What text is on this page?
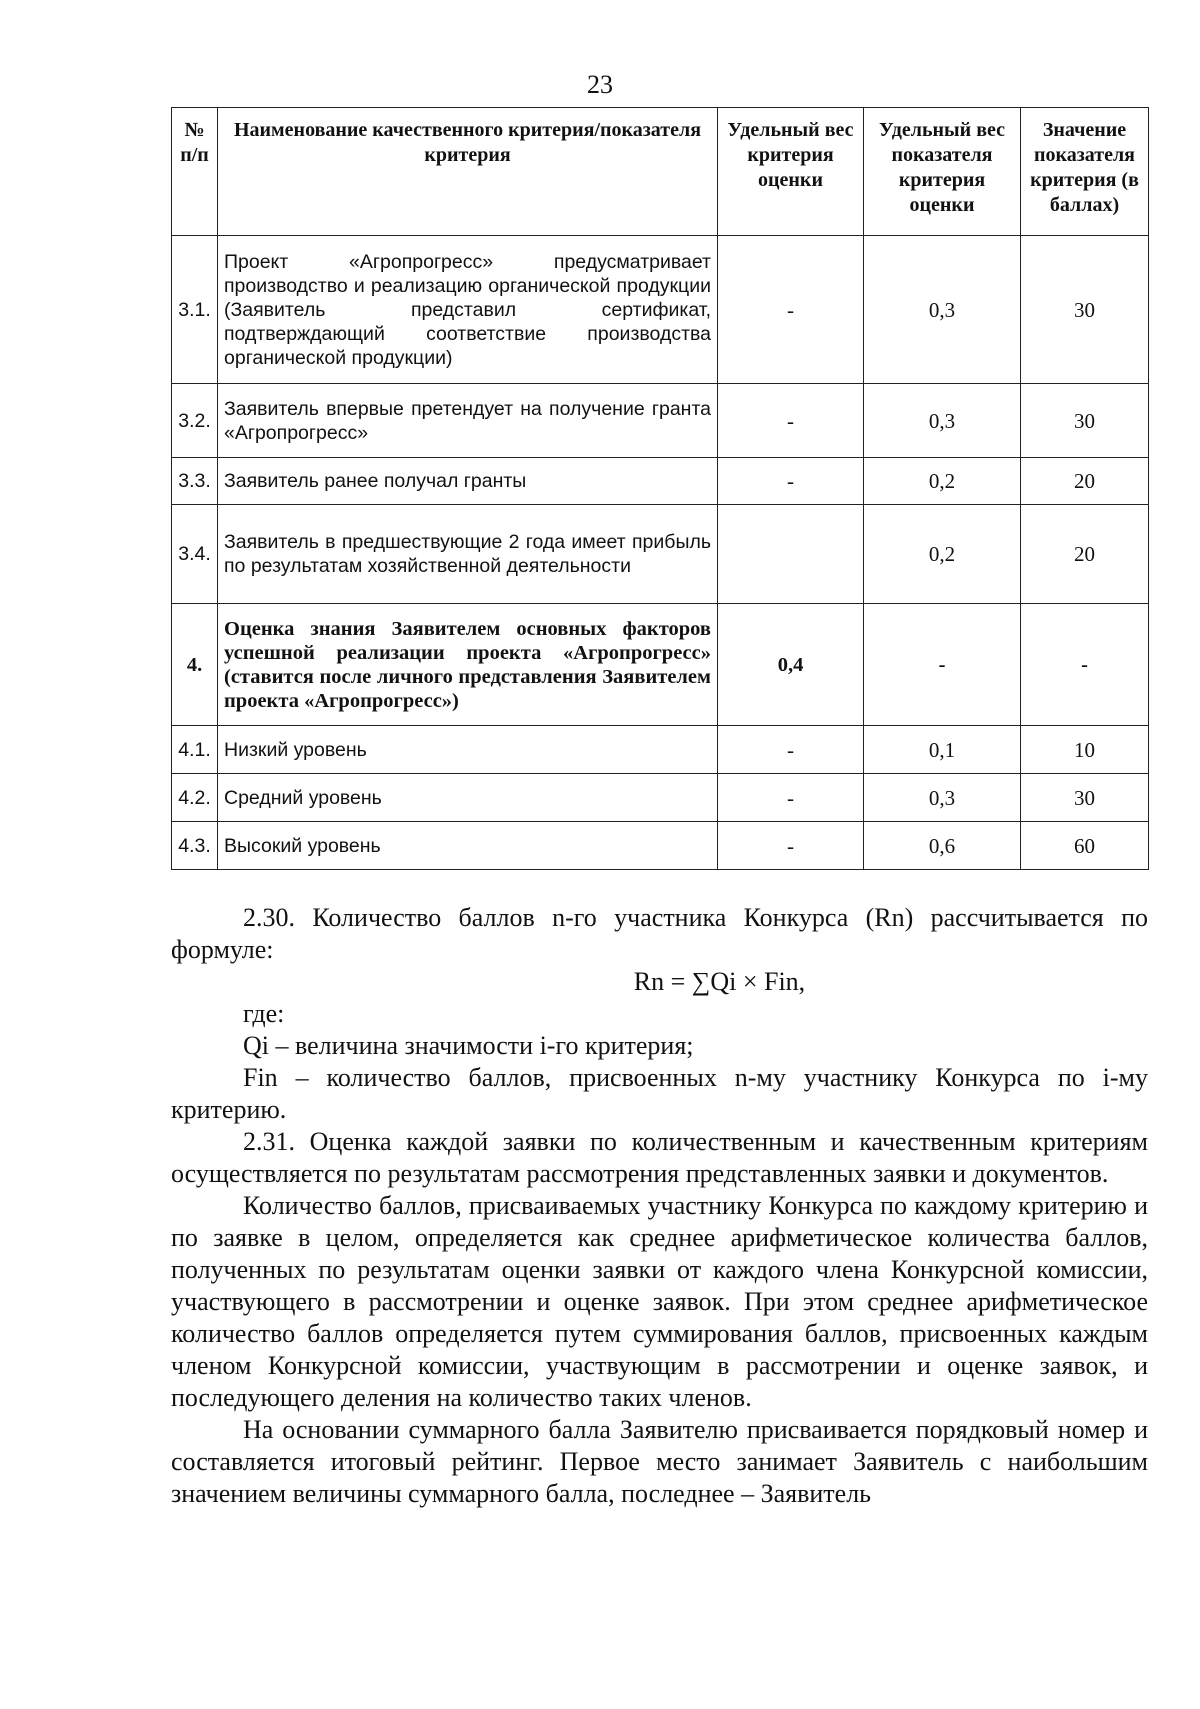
23
№ п/п	Наименование качественного критерия/показателя критерия	Удельный вес критерия оценки	Удельный вес показателя критерия оценки	Значение показателя критерия (в баллах)
3.1.	Проект «Агропрогресс» предусматривает производство и реализацию органической продукции (Заявитель представил сертификат, подтверждающий соответствие производства органической продукции)	-	0,3	30
3.2.	Заявитель впервые претендует на получение гранта «Агропрогресс»	-	0,3	30
3.3.	Заявитель ранее получал гранты	-	0,2	20
3.4.	Заявитель в предшествующие 2 года имеет прибыль по результатам хозяйственной деятельности		0,2	20
4.	Оценка знания Заявителем основных факторов успешной реализации проекта «Агропрогресс» (ставится после личного представления Заявителем проекта «Агропрогресс»)	0,4	-	-
4.1.	Низкий уровень	-	0,1	10
4.2.	Средний уровень	-	0,3	30
4.3.	Высокий уровень	-	0,6	60

2.30. Количество баллов n-го участника Конкурса (Rn) рассчитывается по формуле:

Rn = ∑Qi × Fin,

где:

Qi – величина значимости i-го критерия;

Fin – количество баллов, присвоенных n-му участнику Конкурса по i-му критерию.

2.31. Оценка каждой заявки по количественным и качественным критериям осуществляется по результатам рассмотрения представленных заявки и документов.

Количество баллов, присваиваемых участнику Конкурса по каждому критерию и по заявке в целом, определяется как среднее арифметическое количества баллов, полученных по результатам оценки заявки от каждого члена Конкурсной комиссии, участвующего в рассмотрении и оценке заявок. При этом среднее арифметическое количество баллов определяется путем суммирования баллов, присвоенных каждым членом Конкурсной комиссии, участвующим в рассмотрении и оценке заявок, и последующего деления на количество таких членов.

На основании суммарного балла Заявителю присваивается порядковый номер и составляется итоговый рейтинг. Первое место занимает Заявитель с наибольшим значением величины суммарного балла, последнее – Заявитель
